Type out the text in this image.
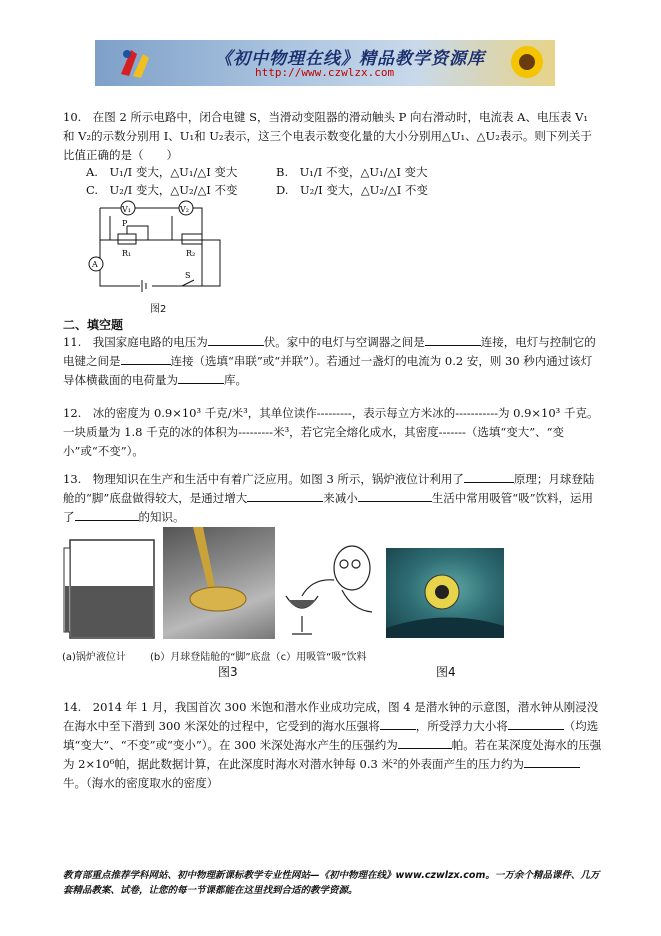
《初中物理在线》精品教学资源库
http://www.czwlzx.com
10.　在图 2 所示电路中，闭合电键 S，当滑动变阻器的滑动触头 P 向右滑动时，电流表 A、电压表 V₁ 和 V₂的示数分别用 I、U₁和 U₂表示，这三个电表示数变化量的大小分别用△U₁、△U₂表示。则下列关于比值正确的是（　　）
A.　U₁/I 变大，△U₁/△I 变大	B.　U₁/I 不变，△U₁/△I 变大
C.　U₂/I 变大，△U₂/△I 不变	D.　U₂/I 变大，△U₂/△I 不变
V₁	V₂
P
R₁	R₂
A
S
图2
二、填空题
11.　我国家庭电路的电压为	伏。家中的电灯与空调器之间是	连接，电灯与控制它的电键之间是	连接（选填“串联”或“并联”）。若通过一盏灯的电流为 0.2 安，则 30 秒内通过该灯导体横截面的电荷量为	库。
12.　冰的密度为 0.9×10³ 千克/米³，其单位读作---------，表示每立方米冰的-----------为 0.9×10³ 千克。一块质量为 1.8 千克的冰的体积为---------米³，若它完全熔化成水，其密度-------（选填“变大”、“变小”或“不变”）。
13.　物理知识在生产和生活中有着广泛应用。如图 3 所示，锅炉液位计利用了	原理；月球登陆舱的“脚”底盘做得较大，是通过增大	来减小	生活中常用吸管“吸”饮料，运用了	的知识。
(a)锅炉液位计 (b）月球登陆舱的“脚”底盘（c）用吸管“吸”饮料
图3	图4
14.　2014 年 1 月，我国首次 300 米饱和潜水作业成功完成，图 4 是潜水钟的示意图，潜水钟从刚浸没在海水中至下潜到 300 米深处的过程中，它受到的海水压强将	，所受浮力大小将	（均选填“变大”、“不变”或“变小”）。在 300 米深处海水产生的压强约为	帕。若在某深度处海水的压强为 2×10⁶帕，据此数据计算，在此深度时海水对潜水钟每 0.3 米²的外表面产生的压力约为牛。（海水的密度取水的密度）
教育部重点推荐学科网站、初中物理新课标教学专业性网站—《初中物理在线》www.czwlzx.com。一万余个精品课件、几万套精品教案、试卷，让您的每一节课都能在这里找到合适的教学资源。
